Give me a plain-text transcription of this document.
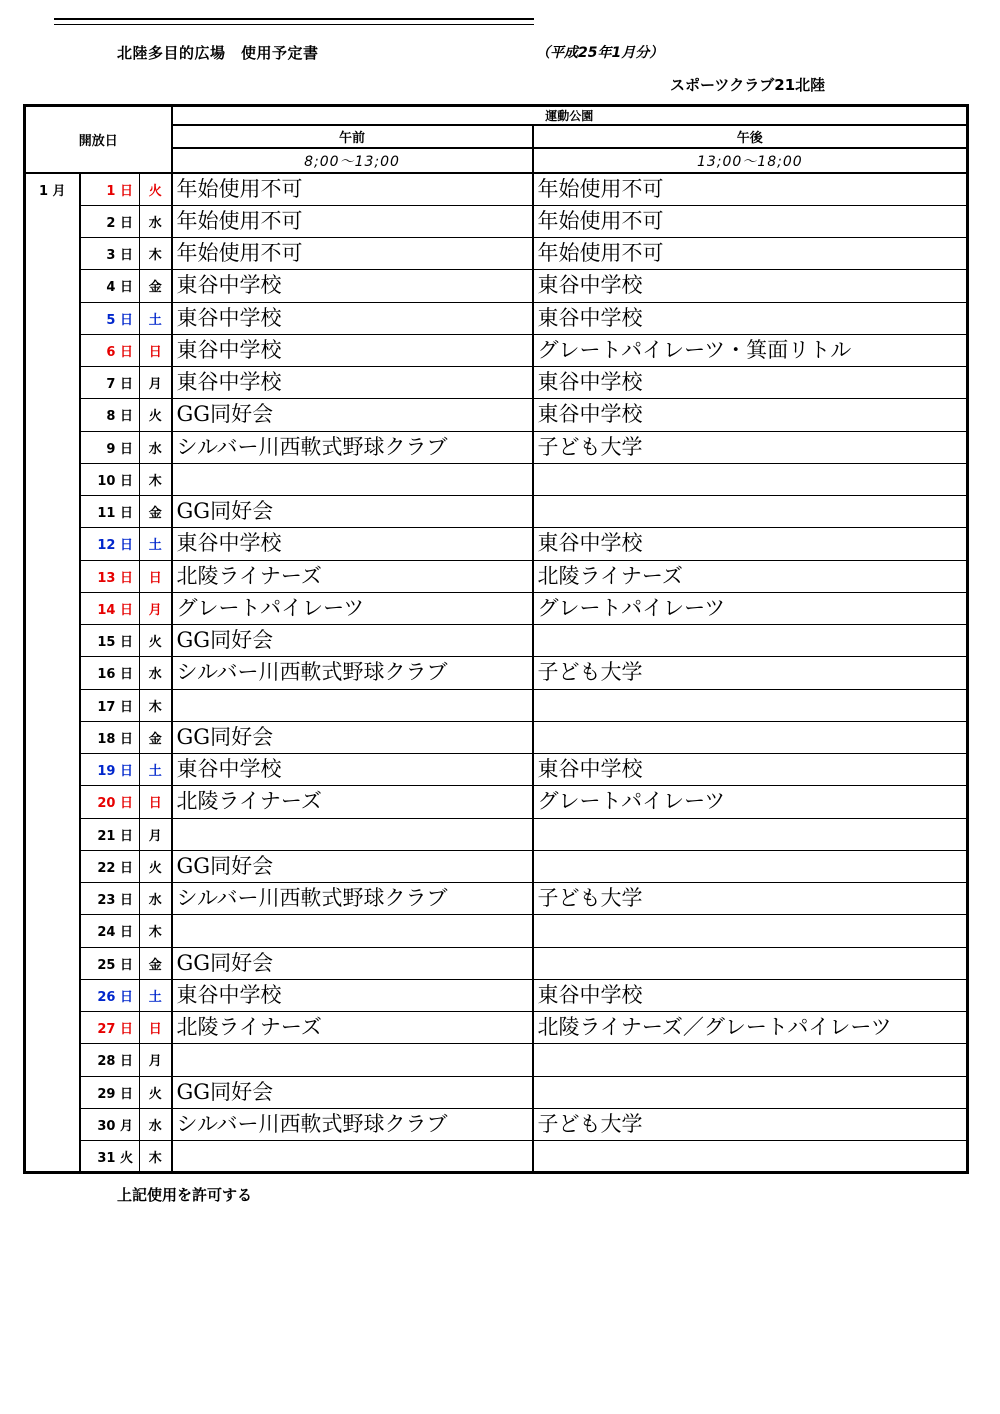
北陸多目的広場　使用予定書	（平成25年1月分）
スポーツクラブ21北陸
開放日			運動公園	
			午前	午後
			8;00～13;00	13;00～18;00
1 月	1 日	火	年始使用不可	年始使用不可
	2 日	水	年始使用不可	年始使用不可
	3 日	木	年始使用不可	年始使用不可
	4 日	金	東谷中学校	東谷中学校
	5 日	土	東谷中学校	東谷中学校
	6 日	日	東谷中学校	グレートパイレーツ・箕面リトル
	7 日	月	東谷中学校	東谷中学校
	8 日	火	GG同好会	東谷中学校
	9 日	水	シルバー川西軟式野球クラブ	子ども大学
	10 日	木		
	11 日	金	GG同好会	
	12 日	土	東谷中学校	東谷中学校
	13 日	日	北陵ライナーズ	北陵ライナーズ
	14 日	月	グレートパイレーツ	グレートパイレーツ
	15 日	火	GG同好会	
	16 日	水	シルバー川西軟式野球クラブ	子ども大学
	17 日	木		
	18 日	金	GG同好会	
	19 日	土	東谷中学校	東谷中学校
	20 日	日	北陵ライナーズ	グレートパイレーツ
	21 日	月		
	22 日	火	GG同好会	
	23 日	水	シルバー川西軟式野球クラブ	子ども大学
	24 日	木		
	25 日	金	GG同好会	
	26 日	土	東谷中学校	東谷中学校
	27 日	日	北陵ライナーズ	北陵ライナーズ／グレートパイレーツ
	28 日	月		
	29 日	火	GG同好会	
	30 月	水	シルバー川西軟式野球クラブ	子ども大学
	31 火	木		
上記使用を許可する
